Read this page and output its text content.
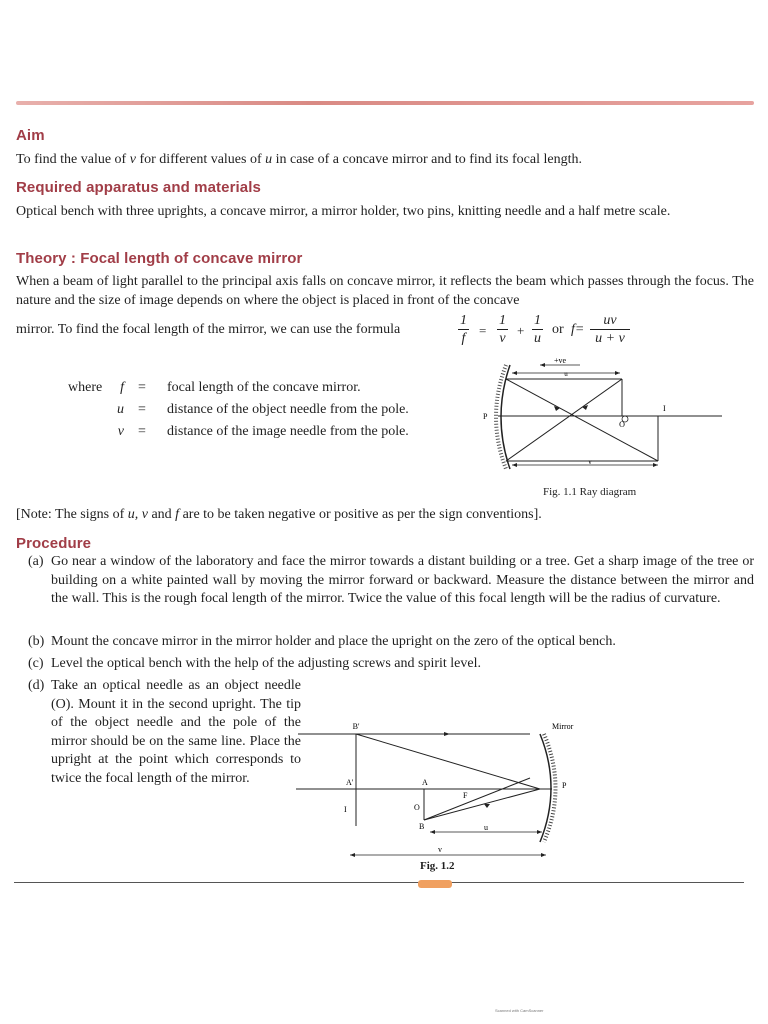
Aim

To find the value of v for different values of u in case of a concave mirror and to find its focal length.

Required apparatus and materials

Optical bench with three uprights, a concave mirror, a mirror holder, two pins, knitting needle and a half metre scale.

Theory : Focal length of concave mirror

When a beam of light parallel to the principal axis falls on concave mirror, it reflects the beam which passes through the focus. The nature and the size of image depends on where the object is placed in front of the concave

mirror. To find the focal length of the mirror, we can use the formula	$\frac{1}{f} = \frac{1}{v} + \frac{1}{u}$ or $f= \frac{uv}{u + v}$
where	f = focal length of the concave mirror.
u = distance of the object needle from the pole.
v = distance of the image needle from the pole.
+ve
u
O
I
P
v
Fig. 1.1 Ray diagram

[Note: The signs of u, v and f are to be taken negative or positive as per the sign conventions].

Procedure
(a) Go near a window of the laboratory and face the mirror towards a distant building or a tree. Get a sharp image of the tree or building on a white painted wall by moving the mirror forward or backward. Measure the distance between the mirror and the wall. This is the rough focal length of the mirror. Twice the value of this focal length will be the radius of curvature.
(b) Mount the concave mirror in the mirror holder and place the upright on the zero of the optical bench.
(c) Level the optical bench with the help of the adjusting screws and spirit level.
(d) Take an optical needle as an object needle (O). Mount it in the second upright. The tip of the object needle and the pole of the mirror should be on the same line. Place the upright at the point which corresponds to twice the focal length of the mirror.
B'	Mirror
P
A'
I
A
O
B
F
u
v
Fig. 1.2
Scanned with CamScanner
